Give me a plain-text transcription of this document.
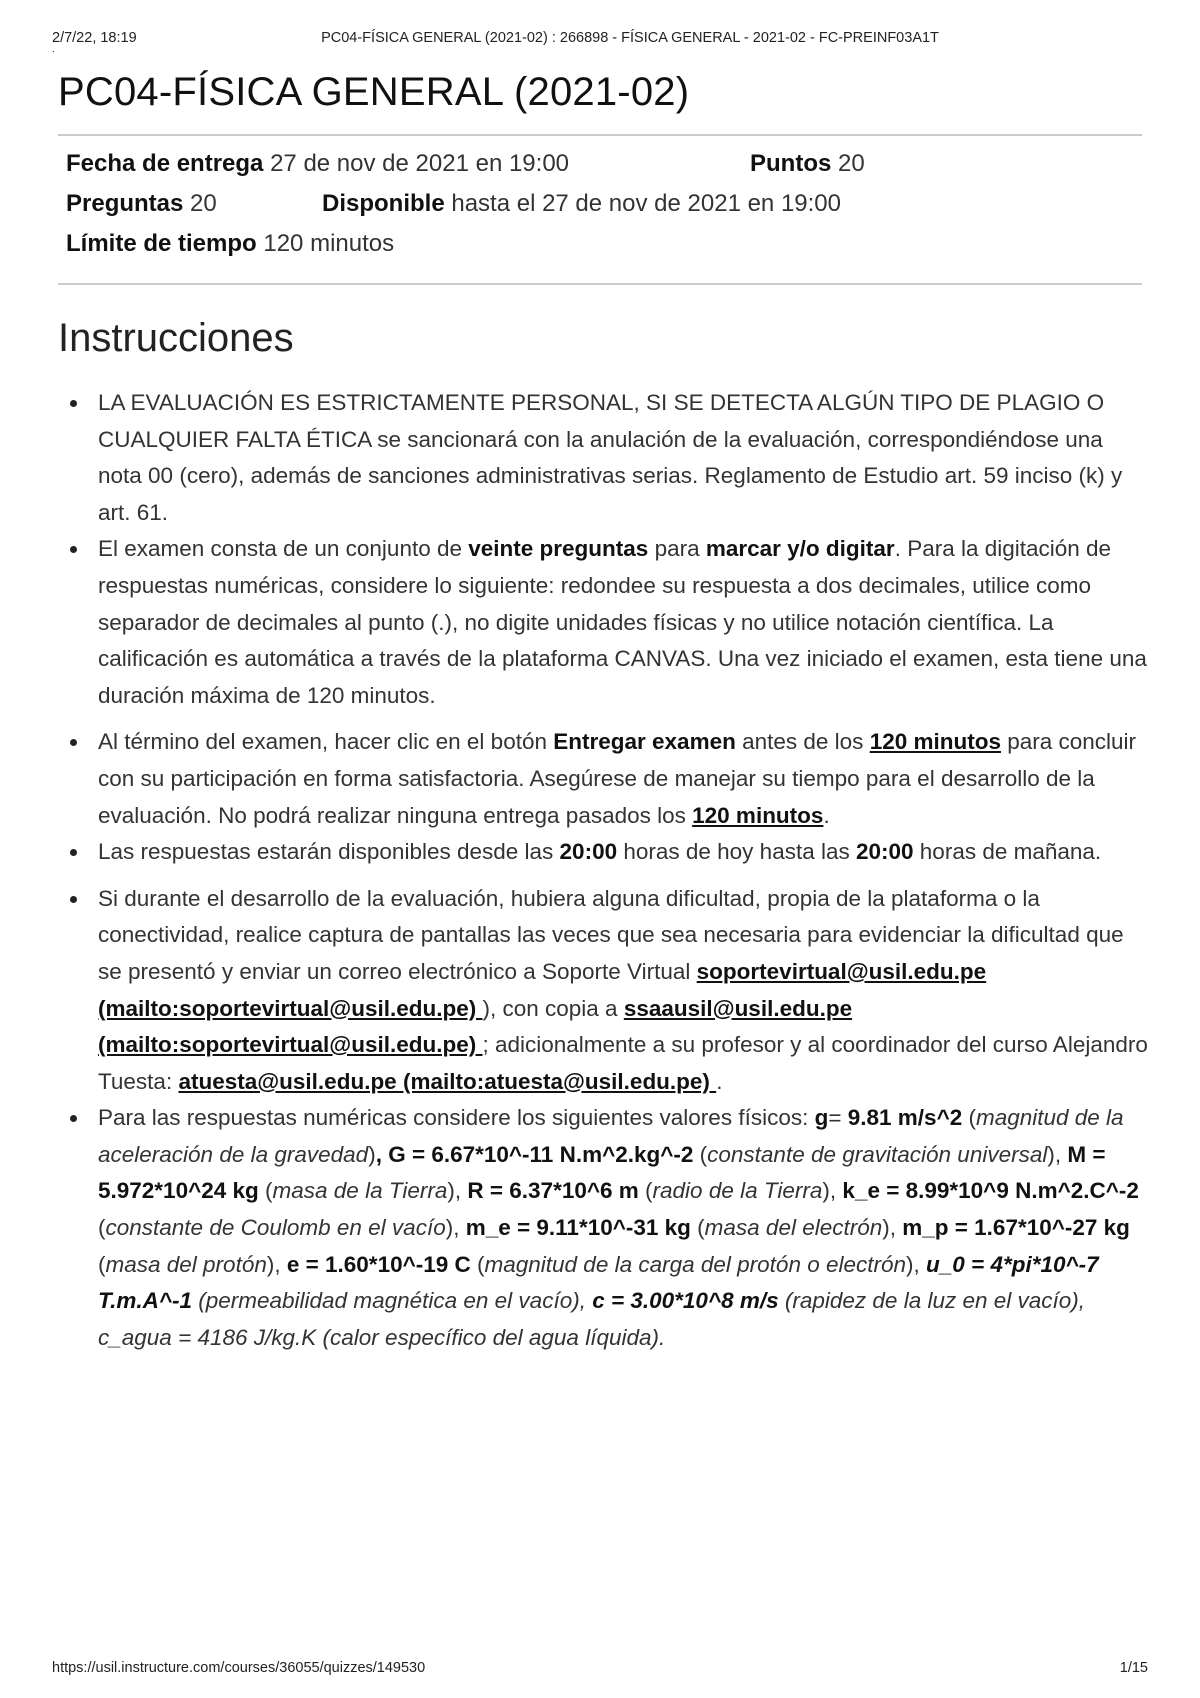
2/7/22, 18:19	PC04-FÍSICA GENERAL (2021-02) : 266898 - FÍSICA GENERAL - 2021-02 - FC-PREINF03A1T
.
PC04-FÍSICA GENERAL (2021-02)
Fecha de entrega 27 de nov de 2021 en 19:00	Puntos 20
Preguntas 20	Disponible hasta el 27 de nov de 2021 en 19:00
Límite de tiempo 120 minutos
Instrucciones
LA EVALUACIÓN ES ESTRICTAMENTE PERSONAL, SI SE DETECTA ALGÚN TIPO DE PLAGIO O CUALQUIER FALTA ÉTICA se sancionará con la anulación de la evaluación, correspondiéndose una nota 00 (cero), además de sanciones administrativas serias. Reglamento de Estudio art. 59 inciso (k) y art. 61.
El examen consta de un conjunto de veinte preguntas para marcar y/o digitar. Para la digitación de respuestas numéricas, considere lo siguiente: redondee su respuesta a dos decimales, utilice como separador de decimales al punto (.), no digite unidades físicas y no utilice notación científica. La calificación es automática a través de la plataforma CANVAS. Una vez iniciado el examen, esta tiene una duración máxima de 120 minutos.
Al término del examen, hacer clic en el botón Entregar examen antes de los 120 minutos para concluir con su participación en forma satisfactoria. Asegúrese de manejar su tiempo para el desarrollo de la evaluación. No podrá realizar ninguna entrega pasados los 120 minutos.
Las respuestas estarán disponibles desde las 20:00 horas de hoy hasta las 20:00 horas de mañana.
Si durante el desarrollo de la evaluación, hubiera alguna dificultad, propia de la plataforma o la conectividad, realice captura de pantallas las veces que sea necesaria para evidenciar la dificultad que se presentó y enviar un correo electrónico a Soporte Virtual soportevirtual@usil.edu.pe (mailto:soportevirtual@usil.edu.pe) ), con copia a ssaausil@usil.edu.pe (mailto:soportevirtual@usil.edu.pe) ; adicionalmente a su profesor y al coordinador del curso Alejandro Tuesta: atuesta@usil.edu.pe (mailto:atuesta@usil.edu.pe) .
Para las respuestas numéricas considere los siguientes valores físicos: g= 9.81 m/s^2 (magnitud de la aceleración de la gravedad), G = 6.67*10^-11 N.m^2.kg^-2 (constante de gravitación universal), M = 5.972*10^24 kg (masa de la Tierra), R = 6.37*10^6 m (radio de la Tierra), k_e = 8.99*10^9 N.m^2.C^-2 (constante de Coulomb en el vacío), m_e = 9.11*10^-31 kg (masa del electrón), m_p = 1.67*10^-27 kg (masa del protón), e = 1.60*10^-19 C (magnitud de la carga del protón o electrón), u_0 = 4*pi*10^-7 T.m.A^-1 (permeabilidad magnética en el vacío), c = 3.00*10^8 m/s (rapidez de la luz en el vacío), c_agua = 4186 J/kg.K (calor específico del agua líquida).
https://usil.instructure.com/courses/36055/quizzes/149530	1/15
